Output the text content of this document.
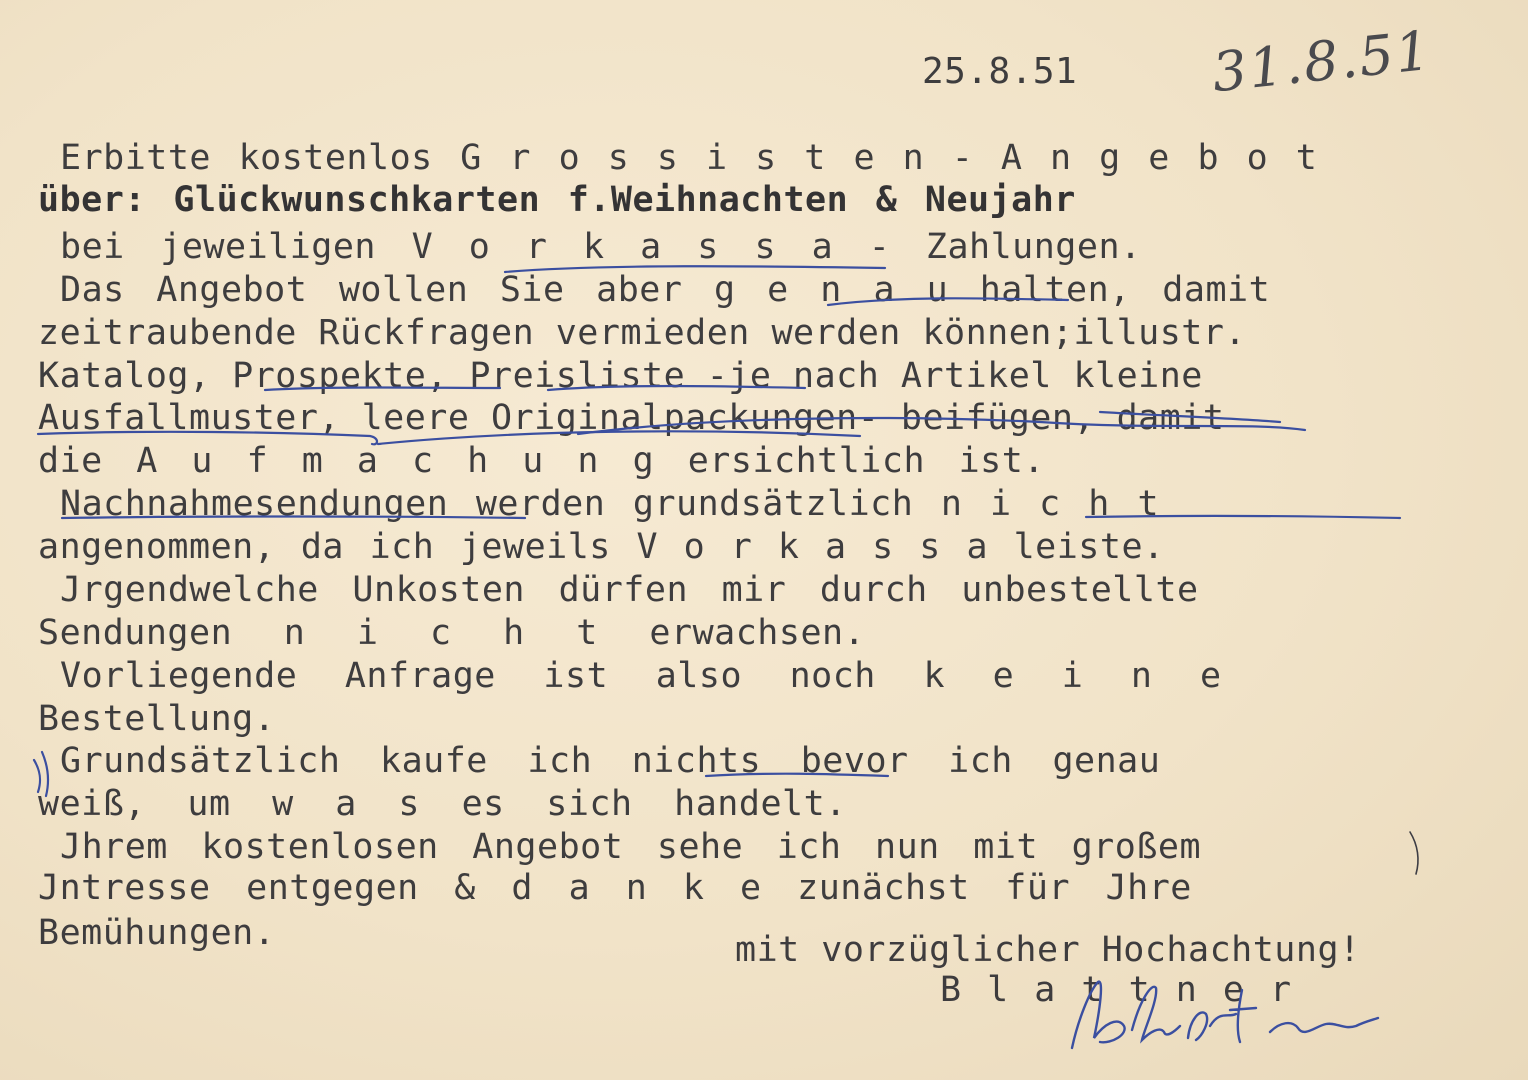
25.8.51 31.8.51
Erbitte kostenlos G r o s s i s t e n - A n g e b o t
über: Glückwunschkarten f.Weihnachten & Neujahr
bei jeweiligen V o r k a s s a - Zahlungen.
Das Angebot wollen Sie aber g e n a u halten, damit
zeitraubende Rückfragen vermieden werden können;illustr.
Katalog, Prospekte, Preisliste -je nach Artikel kleine
Ausfallmuster, leere Originalpackungen- beifügen, damit
die A u f m a c h u n g ersichtlich ist.
Nachnahmesendungen werden grundsätzlich n i c h t
angenommen, da ich jeweils V o r k a s s a leiste.
Jrgendwelche Unkosten dürfen mir durch unbestellte
Sendungen n i c h t erwachsen.
Vorliegende Anfrage ist also noch k e i n e
Bestellung.
Grundsätzlich kaufe ich nichts bevor ich genau
weiß, um w a s es sich handelt.
Jhrem kostenlosen Angebot sehe ich nun mit großem
Jntresse entgegen & d a n k e zunächst für Jhre
Bemühungen.	mit vorzüglicher Hochachtung!
B l a t t n e r
